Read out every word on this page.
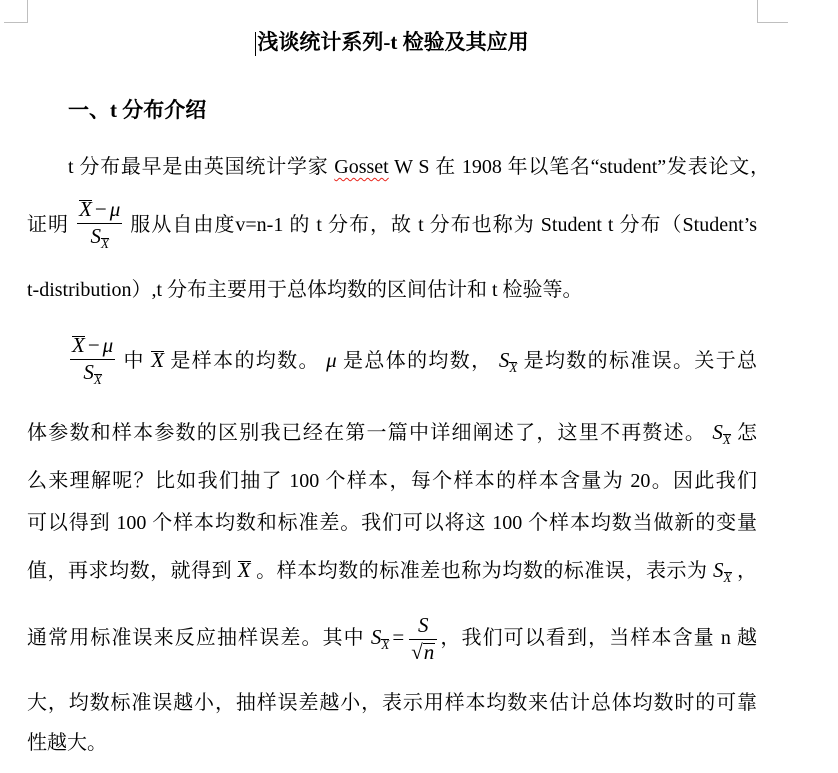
浅谈统计系列-t 检验及其应用
一、t 分布介绍
t 分布最早是由英国统计学家 Gosset W S 在 1908 年以笔名“student”发表论文，
证明 $\frac{X - \mu}{S_X}$ 服从自由度v=n-1 的 t 分布，故 t 分布也称为 Student t 分布（Student’s
t-distribution）,t 分布主要用于总体均数的区间估计和 t 检验等。
$\frac{X - \mu}{S_X}$ 中 X 是样本的均数。 μ 是总体的均数， $S_X$ 是均数的标准误。关于总
体参数和样本参数的区别我已经在第一篇中详细阐述了，这里不再赘述。 $S_X$ 怎
么来理解呢？比如我们抽了 100 个样本，每个样本的样本含量为 20。因此我们
可以得到 100 个样本均数和标准差。我们可以将这 100 个样本均数当做新的变量
值，再求均数，就得到 X 。样本均数的标准差也称为均数的标准误，表示为 $S_X$ ，
通常用标准误来反应抽样误差。其中 $S_X = \frac{S}{√n}$ ，我们可以看到，当样本含量 n 越
大，均数标准误越小，抽样误差越小，表示用样本均数来估计总体均数时的可靠
性越大。
